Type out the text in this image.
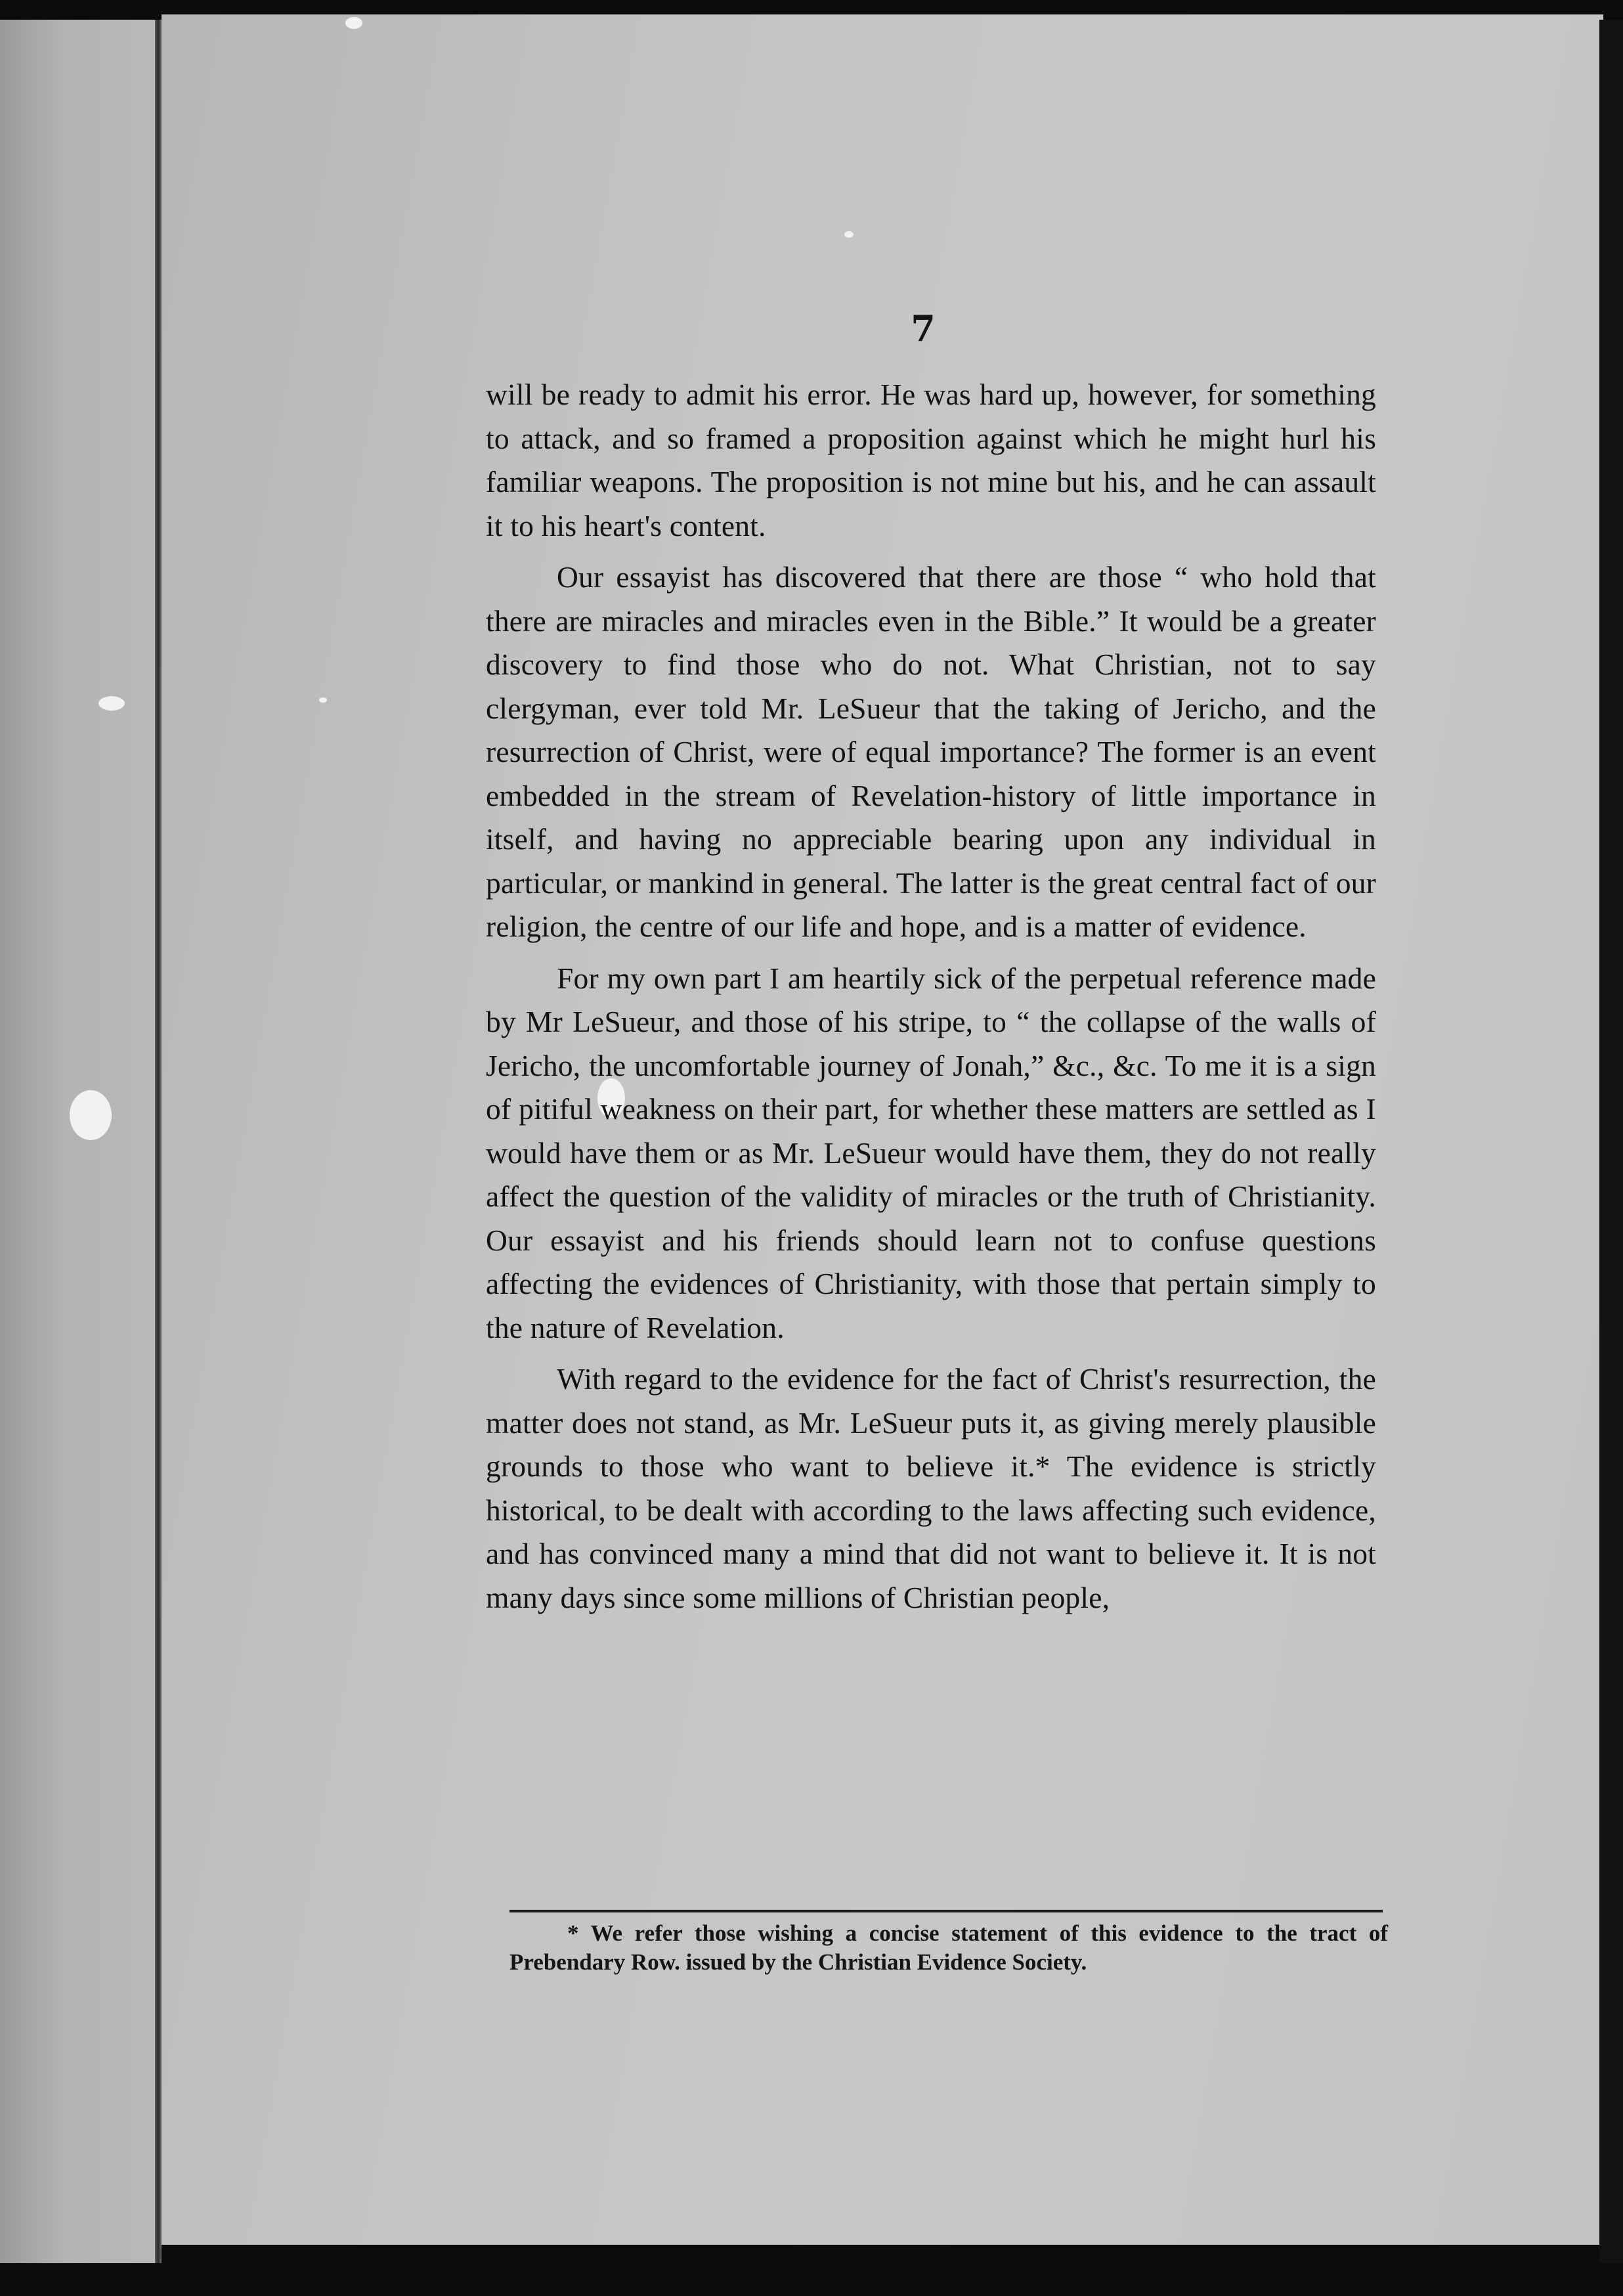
7

will be ready to admit his error. He was hard up, however, for something to attack, and so framed a proposition against which he might hurl his familiar weapons. The proposition is not mine but his, and he can assault it to his heart's content.

Our essayist has discovered that there are those “ who hold that there are miracles and miracles even in the Bible.” It would be a greater discovery to find those who do not. What Christian, not to say clergyman, ever told Mr. LeSueur that the taking of Jericho, and the resurrection of Christ, were of equal importance? The former is an event embedded in the stream of Revelation-history of little importance in itself, and having no appreciable bearing upon any individual in particular, or mankind in general. The latter is the great central fact of our religion, the centre of our life and hope, and is a matter of evidence.

For my own part I am heartily sick of the perpetual reference made by Mr LeSueur, and those of his stripe, to “ the collapse of the walls of Jericho, the uncomfortable journey of Jonah,” &c., &c. To me it is a sign of pitiful weakness on their part, for whether these matters are settled as I would have them or as Mr. LeSueur would have them, they do not really affect the question of the validity of miracles or the truth of Christianity. Our essayist and his friends should learn not to confuse questions affecting the evidences of Christianity, with those that pertain simply to the nature of Revelation.

With regard to the evidence for the fact of Christ's resurrection, the matter does not stand, as Mr. LeSueur puts it, as giving merely plausible grounds to those who want to believe it.* The evidence is strictly historical, to be dealt with according to the laws affecting such evidence, and has convinced many a mind that did not want to believe it. It is not many days since some millions of Christian people,

* We refer those wishing a concise statement of this evidence to the tract of Prebendary Row. issued by the Christian Evidence Society.
